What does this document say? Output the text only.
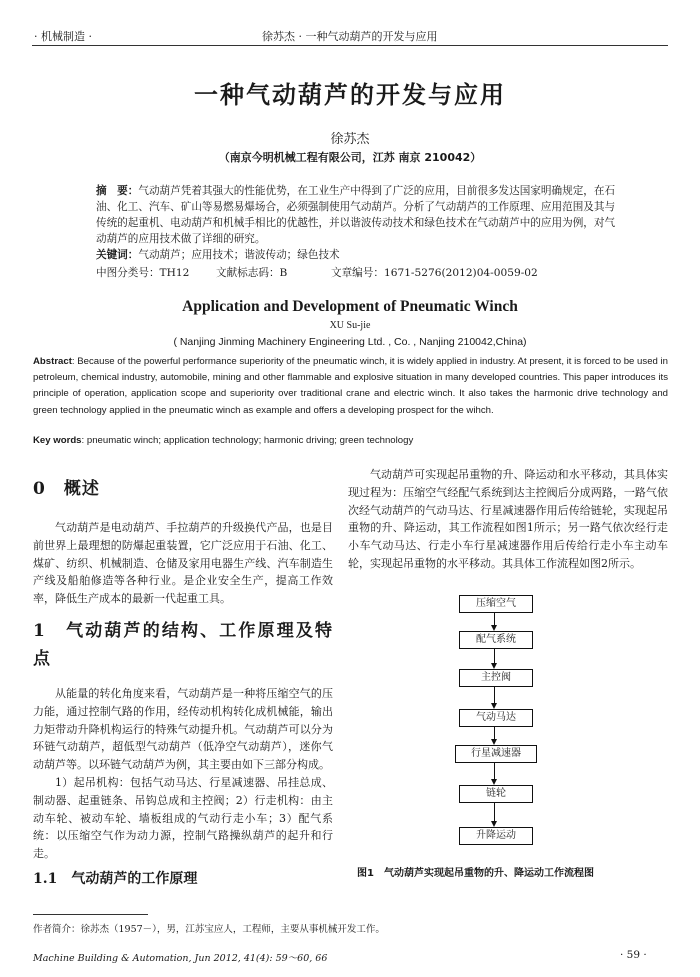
· 机械制造 ·	徐苏杰 · 一种气动葫芦的开发与应用
一种气动葫芦的开发与应用
徐苏杰
（南京今明机械工程有限公司，江苏 南京 210042）
摘　要：气动葫芦凭着其强大的性能优势，在工业生产中得到了广泛的应用，目前很多发达国家明确规定，在石油、化工、汽车、矿山等易燃易爆场合，必须强制使用气动葫芦。分析了气动葫芦的工作原理、应用范围及其与传统的起重机、电动葫芦和机械手相比的优越性，并以谐波传动技术和绿色技术在气动葫芦中的应用为例，对气动葫芦的应用技术做了详细的研究。
关键词：气动葫芦；应用技术；谐波传动；绿色技术
中图分类号：TH12	文献标志码：B	文章编号：1671-5276(2012)04-0059-02
Application and Development of Pneumatic Winch
XU Su-jie
( Nanjing Jinming Machinery Engineering Ltd. , Co. , Nanjing 210042,China)
Abstract: Because of the powerful performance superiority of the pneumatic winch, it is widely applied in industry. At present, it is forced to be used in petroleum, chemical industry, automobile, mining and other flammable and explosive situation in many developed countries. This paper introduces its principle of operation, application scope and superiority over traditional crane and electric winch. It also takes the harmonic drive technology and green technology applied in the pneumatic winch as example and offers a developing prospect for the wihch.
Key words: pneumatic winch; application technology; harmonic driving; green technology
0　概述

气动葫芦是电动葫芦、手拉葫芦的升级换代产品，也是目前世界上最理想的防爆起重装置，它广泛应用于石油、化工、煤矿、纺织、机械制造、仓储及家用电器生产线、汽车制造生产线及船舶修造等各种行业。是企业安全生产，提高工作效率，降低生产成本的最新一代起重工具。

1　气动葫芦的结构、工作原理及特点

从能量的转化角度来看，气动葫芦是一种将压缩空气的压力能，通过控制气路的作用，经传动机构转化成机械能，输出力矩带动升降机构运行的特殊气动提升机。气动葫芦可以分为环链气动葫芦，超低型气动葫芦（低净空气动葫芦），迷你气动葫芦等。以环链气动葫芦为例，其主要由如下三部分构成。

1）起吊机构：包括气动马达、行星减速器、吊挂总成、制动器、起重链条、吊钩总成和主控阀；2）行走机构：由主动车轮、被动车轮、墙板组成的气动行走小车；3）配气系统：以压缩空气作为动力源，控制气路操纵葫芦的起升和行走。

1.1　气动葫芦的工作原理

气动葫芦可实现起吊重物的升、降运动和水平移动，其具体实现过程为：压缩空气经配气系统到达主控阀后分成两路，一路气依次经气动葫芦的气动马达、行星减速器作用后传给链轮，实现起吊重物的升、降运动，其工作流程如图1所示；另一路气依次经行走小车气动马达、行走小车行星减速器作用后传给行走小车主动车轮，实现起吊重物的水平移动。其具体工作流程如图2所示。

压缩空气
配气系统
主控阀
气动马达
行星减速器
链轮
升降运动
图1　气动葫芦实现起吊重物的升、降运动工作流程图
作者简介：徐苏杰（1957－），男，江苏宝应人，工程师，主要从事机械开发工作。
Machine Building & Automation, Jun 2012, 41(4): 59～60, 66	· 59 ·
